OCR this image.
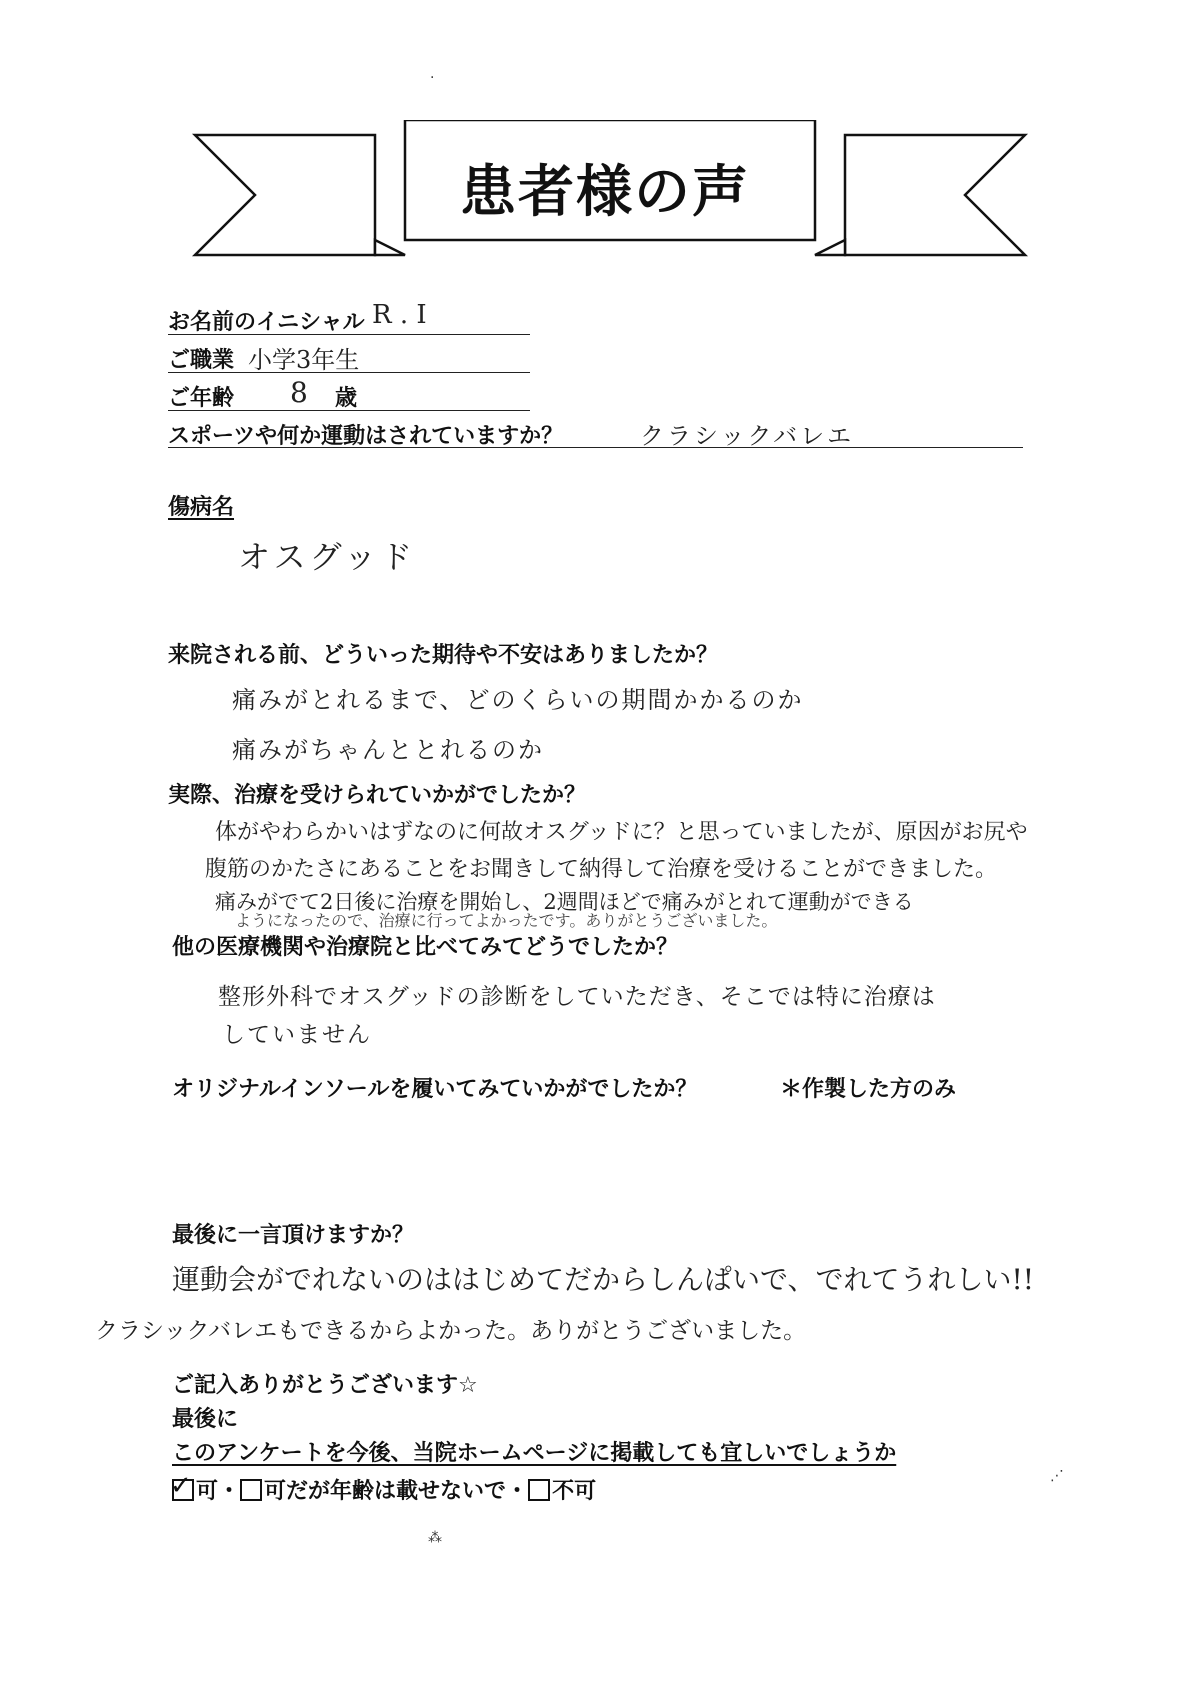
患者様の声
お名前のイニシャル R . I
ご職業 小学3年生
ご年齢 8 歳
スポーツや何か運動はされていますか？	クラシックバレエ
傷病名
オスグッド
来院される前、どういった期待や不安はありましたか？
痛みがとれるまで、どのくらいの期間かかるのか
痛みがちゃんととれるのか
実際、治療を受けられていかがでしたか？
体がやわらかいはずなのに何故オスグッドに？と思っていましたが、原因がお尻や
腹筋のかたさにあることをお聞きして納得して治療を受けることができました。
痛みがでて2日後に治療を開始し、2週間ほどで痛みがとれて運動ができる
ようになったので、治療に行ってよかったです。ありがとうございました。
他の医療機関や治療院と比べてみてどうでしたか？
整形外科でオスグッドの診断をしていただき、そこでは特に治療は
していません
オリジナルインソールを履いてみていかがでしたか？	＊作製した方のみ
最後に一言頂けますか？
運動会がでれないのははじめてだからしんぱいで、でれてうれしい!!
クラシックバレエもできるからよかった。ありがとうございました。
ご記入ありがとうございます☆
最後に
このアンケートを今後、当院ホームページに掲載しても宜しいでしょうか
✓ 可・ 可だが年齢は載せないで・ 不可
·
⋰
⁂
